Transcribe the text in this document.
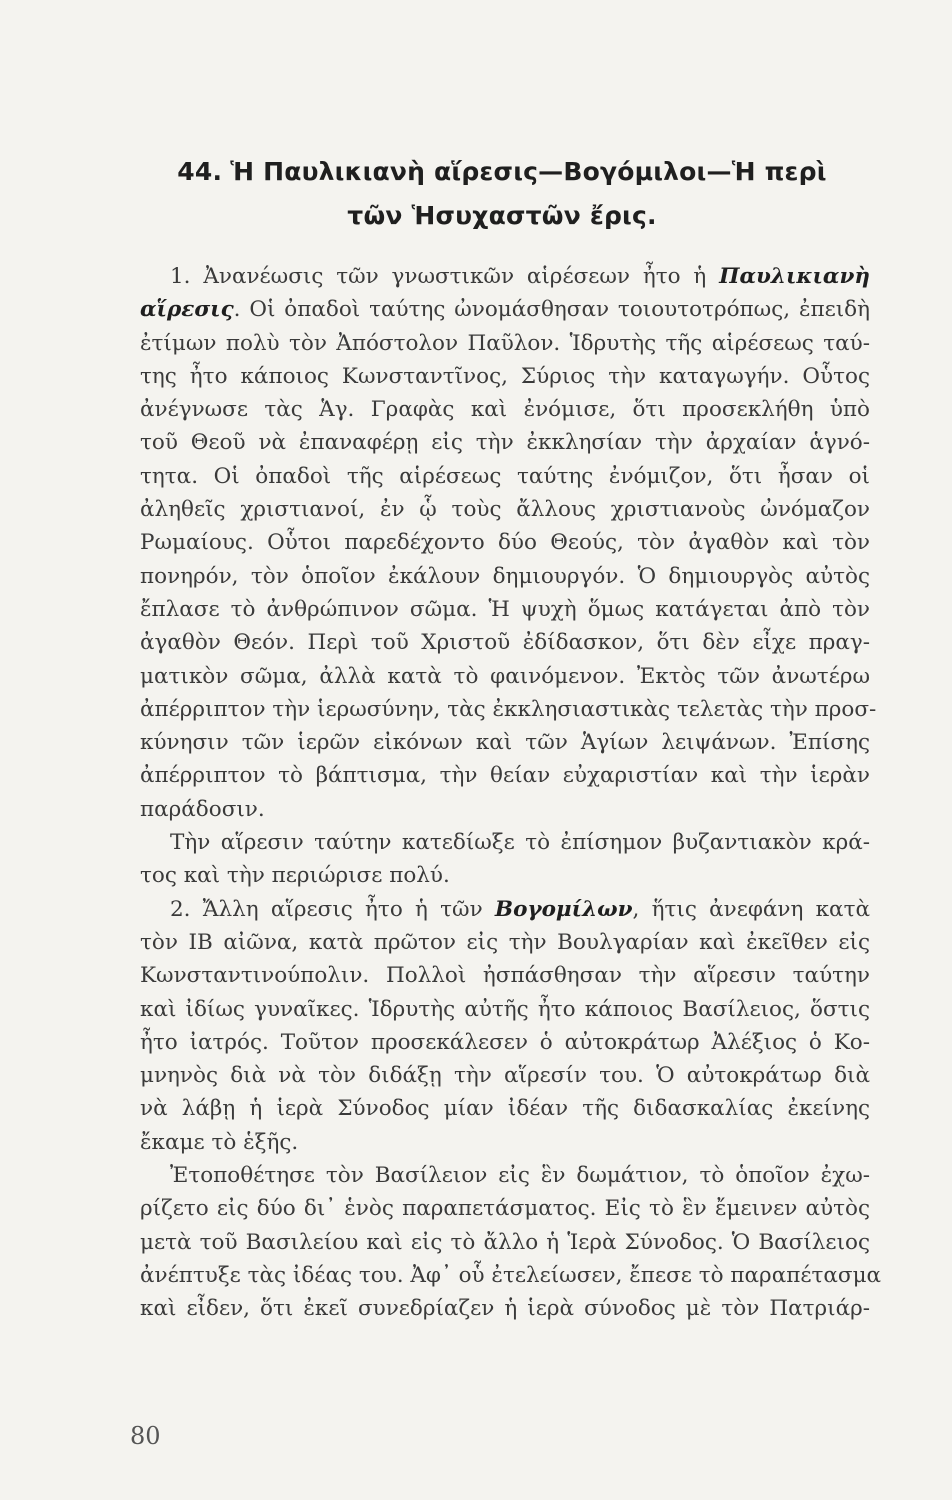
44. Ἡ Παυλικιανὴ αἵρεσις—Βογόμιλοι—Ἡ περὶ
τῶν Ἡσυχαστῶν ἔρις.
1. Ἀνανέωσις τῶν γνωστικῶν αἱρέσεων ἦτο ἡ Παυλικιανὴ
αἵρεσις. Οἱ ὀπαδοὶ ταύτης ὠνομάσθησαν τοιουτοτρόπως, ἐπειδὴ
ἐτίμων πολὺ τὸν Ἀπόστολον Παῦλον. Ἱδρυτὴς τῆς αἱρέσεως ταύ-
της ἦτο κάποιος Κωνσταντῖνος, Σύριος τὴν καταγωγήν. Οὗτος
ἀνέγνωσε τὰς Ἁγ. Γραφὰς καὶ ἐνόμισε, ὅτι προσεκλήθη ὑπὸ
τοῦ Θεοῦ νὰ ἐπαναφέρῃ εἰς τὴν ἐκκλησίαν τὴν ἀρχαίαν ἁγνό-
τητα. Οἱ ὀπαδοὶ τῆς αἱρέσεως ταύτης ἐνόμιζον, ὅτι ἦσαν οἱ
ἀληθεῖς χριστιανοί, ἐν ᾧ τοὺς ἄλλους χριστιανοὺς ὠνόμαζον
Ρωμαίους. Οὗτοι παρεδέχοντο δύο Θεούς, τὸν ἀγαθὸν καὶ τὸν
πονηρόν, τὸν ὁποῖον ἐκάλουν δημιουργόν. Ὁ δημιουργὸς αὐτὸς
ἔπλασε τὸ ἀνθρώπινον σῶμα. Ἡ ψυχὴ ὅμως κατάγεται ἀπὸ τὸν
ἀγαθὸν Θεόν. Περὶ τοῦ Χριστοῦ ἐδίδασκον, ὅτι δὲν εἶχε πραγ-
ματικὸν σῶμα, ἀλλὰ κατὰ τὸ φαινόμενον. Ἐκτὸς τῶν ἀνωτέρω
ἀπέρριπτον τὴν ἱερωσύνην, τὰς ἐκκλησιαστικὰς τελετὰς τὴν προσ-
κύνησιν τῶν ἱερῶν εἰκόνων καὶ τῶν Ἁγίων λειψάνων. Ἐπίσης
ἀπέρριπτον τὸ βάπτισμα, τὴν θείαν εὐχαριστίαν καὶ τὴν ἱερὰν
παράδοσιν.
Τὴν αἵρεσιν ταύτην κατεδίωξε τὸ ἐπίσημον βυζαντιακὸν κρά-
τος καὶ τὴν περιώρισε πολύ.
2. Ἄλλη αἵρεσις ἦτο ἡ τῶν Βογομίλων, ἥτις ἀνεφάνη κατὰ
τὸν ΙΒ αἰῶνα, κατὰ πρῶτον εἰς τὴν Βουλγαρίαν καὶ ἐκεῖθεν εἰς
Κωνσταντινούπολιν. Πολλοὶ ἠσπάσθησαν τὴν αἵρεσιν ταύτην
καὶ ἰδίως γυναῖκες. Ἱδρυτὴς αὐτῆς ἦτο κάποιος Βασίλειος, ὅστις
ἦτο ἰατρός. Τοῦτον προσεκάλεσεν ὁ αὐτοκράτωρ Ἀλέξιος ὁ Κο-
μνηνὸς διὰ νὰ τὸν διδάξῃ τὴν αἵρεσίν του. Ὁ αὐτοκράτωρ διὰ
νὰ λάβῃ ἡ ἱερὰ Σύνοδος μίαν ἰδέαν τῆς διδασκαλίας ἐκείνης
ἔκαμε τὸ ἑξῆς.
Ἐτοποθέτησε τὸν Βασίλειον εἰς ἓν δωμάτιον, τὸ ὁποῖον ἐχω-
ρίζετο εἰς δύο δι᾿ ἑνὸς παραπετάσματος. Εἰς τὸ ἓν ἔμεινεν αὐτὸς
μετὰ τοῦ Βασιλείου καὶ εἰς τὸ ἄλλο ἡ Ἱερὰ Σύνοδος. Ὁ Βασίλειος
ἀνέπτυξε τὰς ἰδέας του. Ἀφ᾿ οὗ ἐτελείωσεν, ἔπεσε τὸ παραπέτασμα
καὶ εἶδεν, ὅτι ἐκεῖ συνεδρίαζεν ἡ ἱερὰ σύνοδος μὲ τὸν Πατριάρ-
80
